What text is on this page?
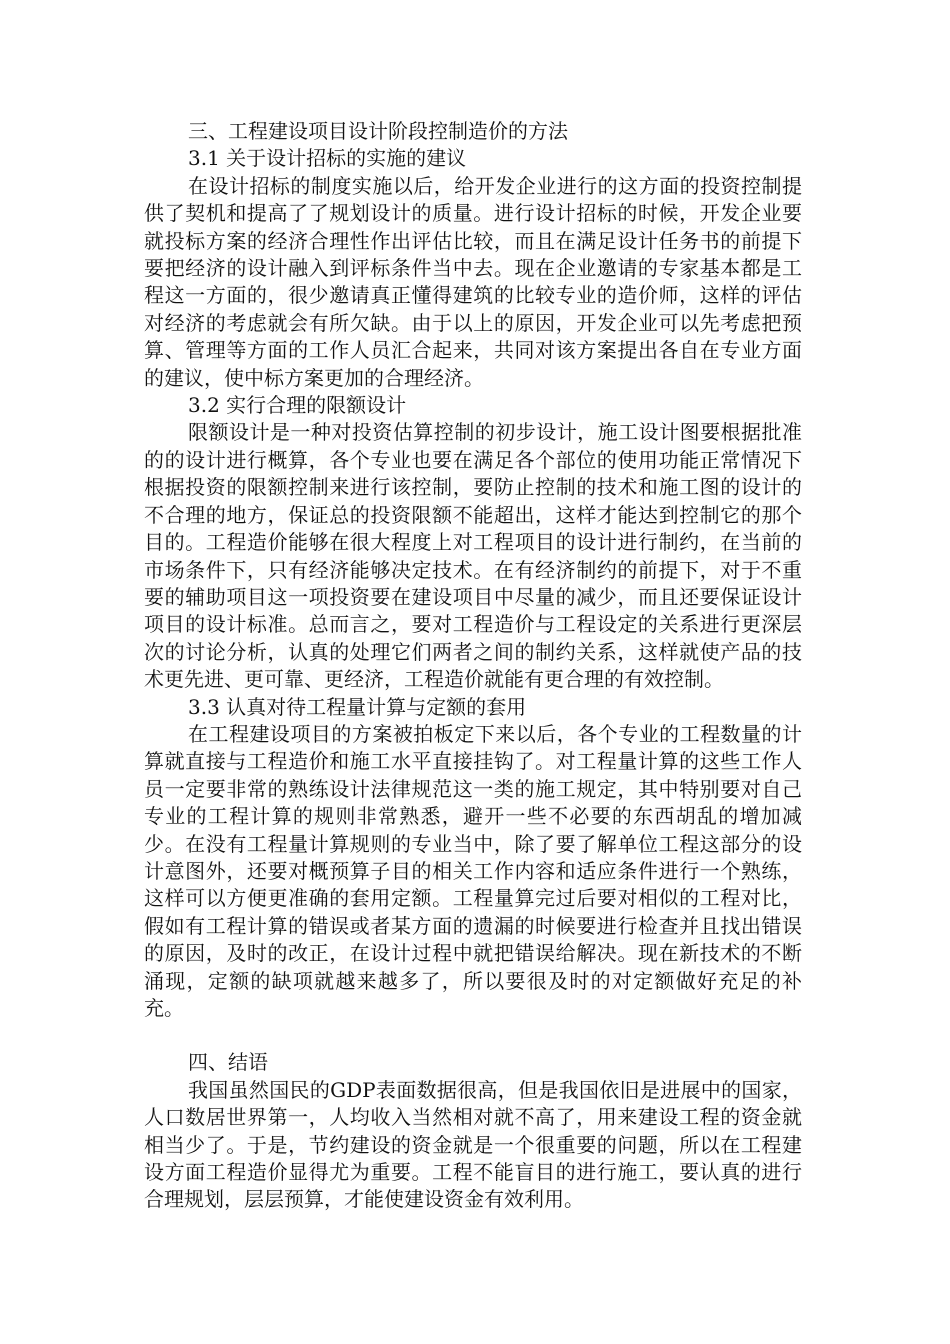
三、工程建设项目设计阶段控制造价的方法
3.1 关于设计招标的实施的建议

在设计招标的制度实施以后，给开发企业进行的这方面的投资控制提供了契机和提高了了规划设计的质量。进行设计招标的时候，开发企业要就投标方案的经济合理性作出评估比较，而且在满足设计任务书的前提下要把经济的设计融入到评标条件当中去。现在企业邀请的专家基本都是工程这一方面的，很少邀请真正懂得建筑的比较专业的造价师，这样的评估对经济的考虑就会有所欠缺。由于以上的原因，开发企业可以先考虑把预算、管理等方面的工作人员汇合起来，共同对该方案提出各自在专业方面的建议，使中标方案更加的合理经济。

3.2 实行合理的限额设计

限额设计是一种对投资估算控制的初步设计，施工设计图要根据批准的的设计进行概算，各个专业也要在满足各个部位的使用功能正常情况下根据投资的限额控制来进行该控制，要防止控制的技术和施工图的设计的不合理的地方，保证总的投资限额不能超出，这样才能达到控制它的那个目的。工程造价能够在很大程度上对工程项目的设计进行制约，在当前的市场条件下，只有经济能够决定技术。在有经济制约的前提下，对于不重要的辅助项目这一项投资要在建设项目中尽量的减少，而且还要保证设计项目的设计标准。总而言之，要对工程造价与工程设定的关系进行更深层次的讨论分析，认真的处理它们两者之间的制约关系，这样就使产品的技术更先进、更可靠、更经济，工程造价就能有更合理的有效控制。

3.3 认真对待工程量计算与定额的套用

在工程建设项目的方案被拍板定下来以后，各个专业的工程数量的计算就直接与工程造价和施工水平直接挂钩了。对工程量计算的这些工作人员一定要非常的熟练设计法律规范这一类的施工规定，其中特别要对自己专业的工程计算的规则非常熟悉，避开一些不必要的东西胡乱的增加减少。在没有工程量计算规则的专业当中，除了要了解单位工程这部分的设计意图外，还要对概预算子目的相关工作内容和适应条件进行一个熟练，这样可以方便更准确的套用定额。工程量算完过后要对相似的工程对比，假如有工程计算的错误或者某方面的遗漏的时候要进行检查并且找出错误的原因，及时的改正，在设计过程中就把错误给解决。现在新技术的不断涌现，定额的缺项就越来越多了，所以要很及时的对定额做好充足的补充。

四、结语

我国虽然国民的GDP表面数据很高，但是我国依旧是进展中的国家，人口数居世界第一，人均收入当然相对就不高了，用来建设工程的资金就相当少了。于是，节约建设的资金就是一个很重要的问题，所以在工程建设方面工程造价显得尤为重要。工程不能盲目的进行施工，要认真的进行合理规划，层层预算，才能使建设资金有效利用。
